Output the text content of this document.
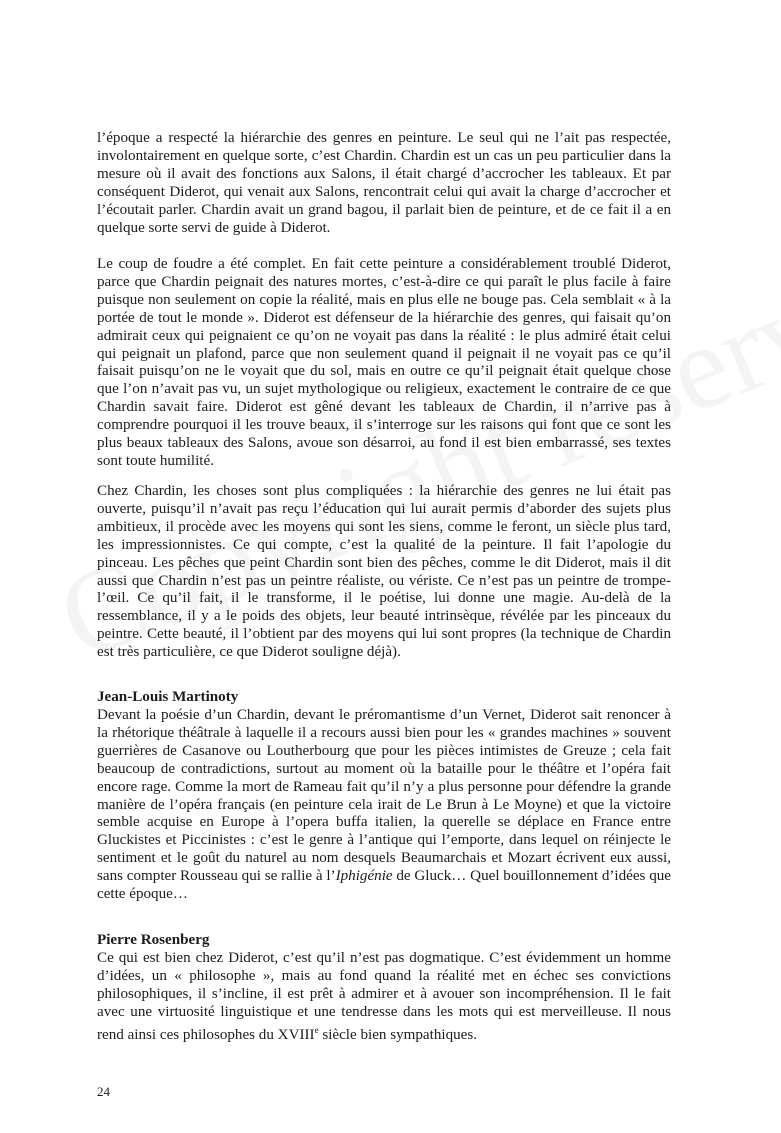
l’époque a respecté la hiérarchie des genres en peinture. Le seul qui ne l’ait pas respectée, involontairement en quelque sorte, c’est Chardin. Chardin est un cas un peu particulier dans la mesure où il avait des fonctions aux Salons, il était chargé d’accrocher les tableaux. Et par conséquent Diderot, qui venait aux Salons, rencontrait celui qui avait la charge d’accrocher et l’écoutait parler. Chardin avait un grand bagou, il parlait bien de peinture, et de ce fait il a en quelque sorte servi de guide à Diderot.

Le coup de foudre a été complet. En fait cette peinture a considérablement troublé Diderot, parce que Chardin peignait des natures mortes, c’est-à-dire ce qui paraît le plus facile à faire puisque non seulement on copie la réalité, mais en plus elle ne bouge pas. Cela semblait « à la portée de tout le monde ». Diderot est défenseur de la hiérarchie des genres, qui faisait qu’on admirait ceux qui peignaient ce qu’on ne voyait pas dans la réalité : le plus admiré était celui qui peignait un plafond, parce que non seulement quand il peignait il ne voyait pas ce qu’il faisait puisqu’on ne le voyait que du sol, mais en outre ce qu’il peignait était quelque chose que l’on n’avait pas vu, un sujet mythologique ou religieux, exactement le contraire de ce que Chardin savait faire. Diderot est gêné devant les tableaux de Chardin, il n’arrive pas à comprendre pourquoi il les trouve beaux, il s’interroge sur les raisons qui font que ce sont les plus beaux tableaux des Salons, avoue son désarroi, au fond il est bien embarrassé, ses textes sont toute humilité.

Chez Chardin, les choses sont plus compliquées : la hiérarchie des genres ne lui était pas ouverte, puisqu’il n’avait pas reçu l’éducation qui lui aurait permis d’aborder des sujets plus ambitieux, il procède avec les moyens qui sont les siens, comme le feront, un siècle plus tard, les impressionnistes. Ce qui compte, c’est la qualité de la peinture. Il fait l’apologie du pinceau. Les pêches que peint Chardin sont bien des pêches, comme le dit Diderot, mais il dit aussi que Chardin n’est pas un peintre réaliste, ou vériste. Ce n’est pas un peintre de trompe-l’œil. Ce qu’il fait, il le transforme, il le poétise, lui donne une magie. Au-delà de la ressemblance, il y a le poids des objets, leur beauté intrinsèque, révélée par les pinceaux du peintre. Cette beauté, il l’obtient par des moyens qui lui sont propres (la technique de Chardin est très particulière, ce que Diderot souligne déjà).

Jean-Louis Martinoty

Devant la poésie d’un Chardin, devant le préromantisme d’un Vernet, Diderot sait renoncer à la rhétorique théâtrale à laquelle il a recours aussi bien pour les « grandes machines » souvent guerrières de Casanove ou Loutherbourg que pour les pièces intimistes de Greuze ; cela fait beaucoup de contradictions, surtout au moment où la bataille pour le théâtre et l’opéra fait encore rage. Comme la mort de Rameau fait qu’il n’y a plus personne pour défendre la grande manière de l’opéra français (en peinture cela irait de Le Brun à Le Moyne) et que la victoire semble acquise en Europe à l’opera buffa italien, la querelle se déplace en France entre Gluckistes et Piccinistes : c’est le genre à l’antique qui l’emporte, dans lequel on réinjecte le sentiment et le goût du naturel au nom desquels Beaumarchais et Mozart écrivent eux aussi, sans compter Rousseau qui se rallie à l’Iphigénie de Gluck… Quel bouillonnement d’idées que cette époque…

Pierre Rosenberg

Ce qui est bien chez Diderot, c’est qu’il n’est pas dogmatique. C’est évidemment un homme d’idées, un « philosophe », mais au fond quand la réalité met en échec ses convictions philosophiques, il s’incline, il est prêt à admirer et à avouer son incompréhension. Il le fait avec une virtuosité linguistique et une tendresse dans les mots qui est merveilleuse. Il nous rend ainsi ces philosophes du XVIIIe siècle bien sympathiques.

24
